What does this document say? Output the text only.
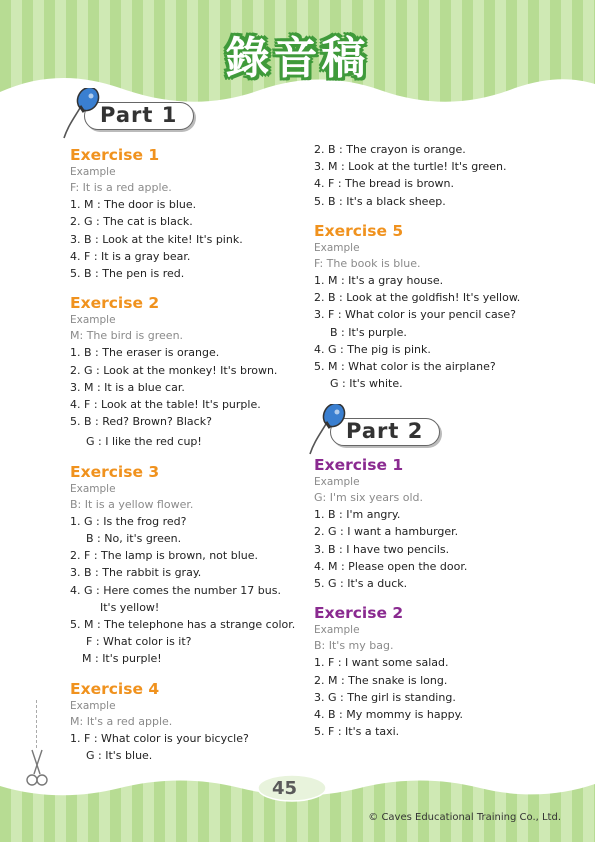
錄音稿
Part 1
Exercise 1
Example
F: It is a red apple.
1. M : The door is blue.
2. G : The cat is black.
3. B : Look at the kite! It's pink.
4. F : It is a gray bear.
5. B : The pen is red.
Exercise 2
Example
M: The bird is green.
1. B : The eraser is orange.
2. G : Look at the monkey! It's brown.
3. M : It is a blue car.
4. F : Look at the table! It's purple.
5. B : Red? Brown? Black?
G : I like the red cup!
Exercise 3
Example
B: It is a yellow flower.
1. G : Is the frog red?
B : No, it's green.
2. F : The lamp is brown, not blue.
3. B : The rabbit is gray.
4. G : Here comes the number 17 bus.
It's yellow!
5. M : The telephone has a strange color.
F : What color is it?
M : It's purple!
Exercise 4
Example
M: It's a red apple.
1. F : What color is your bicycle?
G : It's blue.
2. B : The crayon is orange.
3. M : Look at the turtle! It's green.
4. F : The bread is brown.
5. B : It's a black sheep.
Exercise 5
Example
F: The book is blue.
1. M : It's a gray house.
2. B : Look at the goldfish! It's yellow.
3. F : What color is your pencil case?
B : It's purple.
4. G : The pig is pink.
5. M : What color is the airplane?
G : It's white.
Part 2
Exercise 1
Example
G: I'm six years old.
1. B : I'm angry.
2. G : I want a hamburger.
3. B : I have two pencils.
4. M : Please open the door.
5. G : It's a duck.
Exercise 2
Example
B: It's my bag.
1. F : I want some salad.
2. M : The snake is long.
3. G : The girl is standing.
4. B : My mommy is happy.
5. F : It's a taxi.
45
© Caves Educational Training Co., Ltd.
